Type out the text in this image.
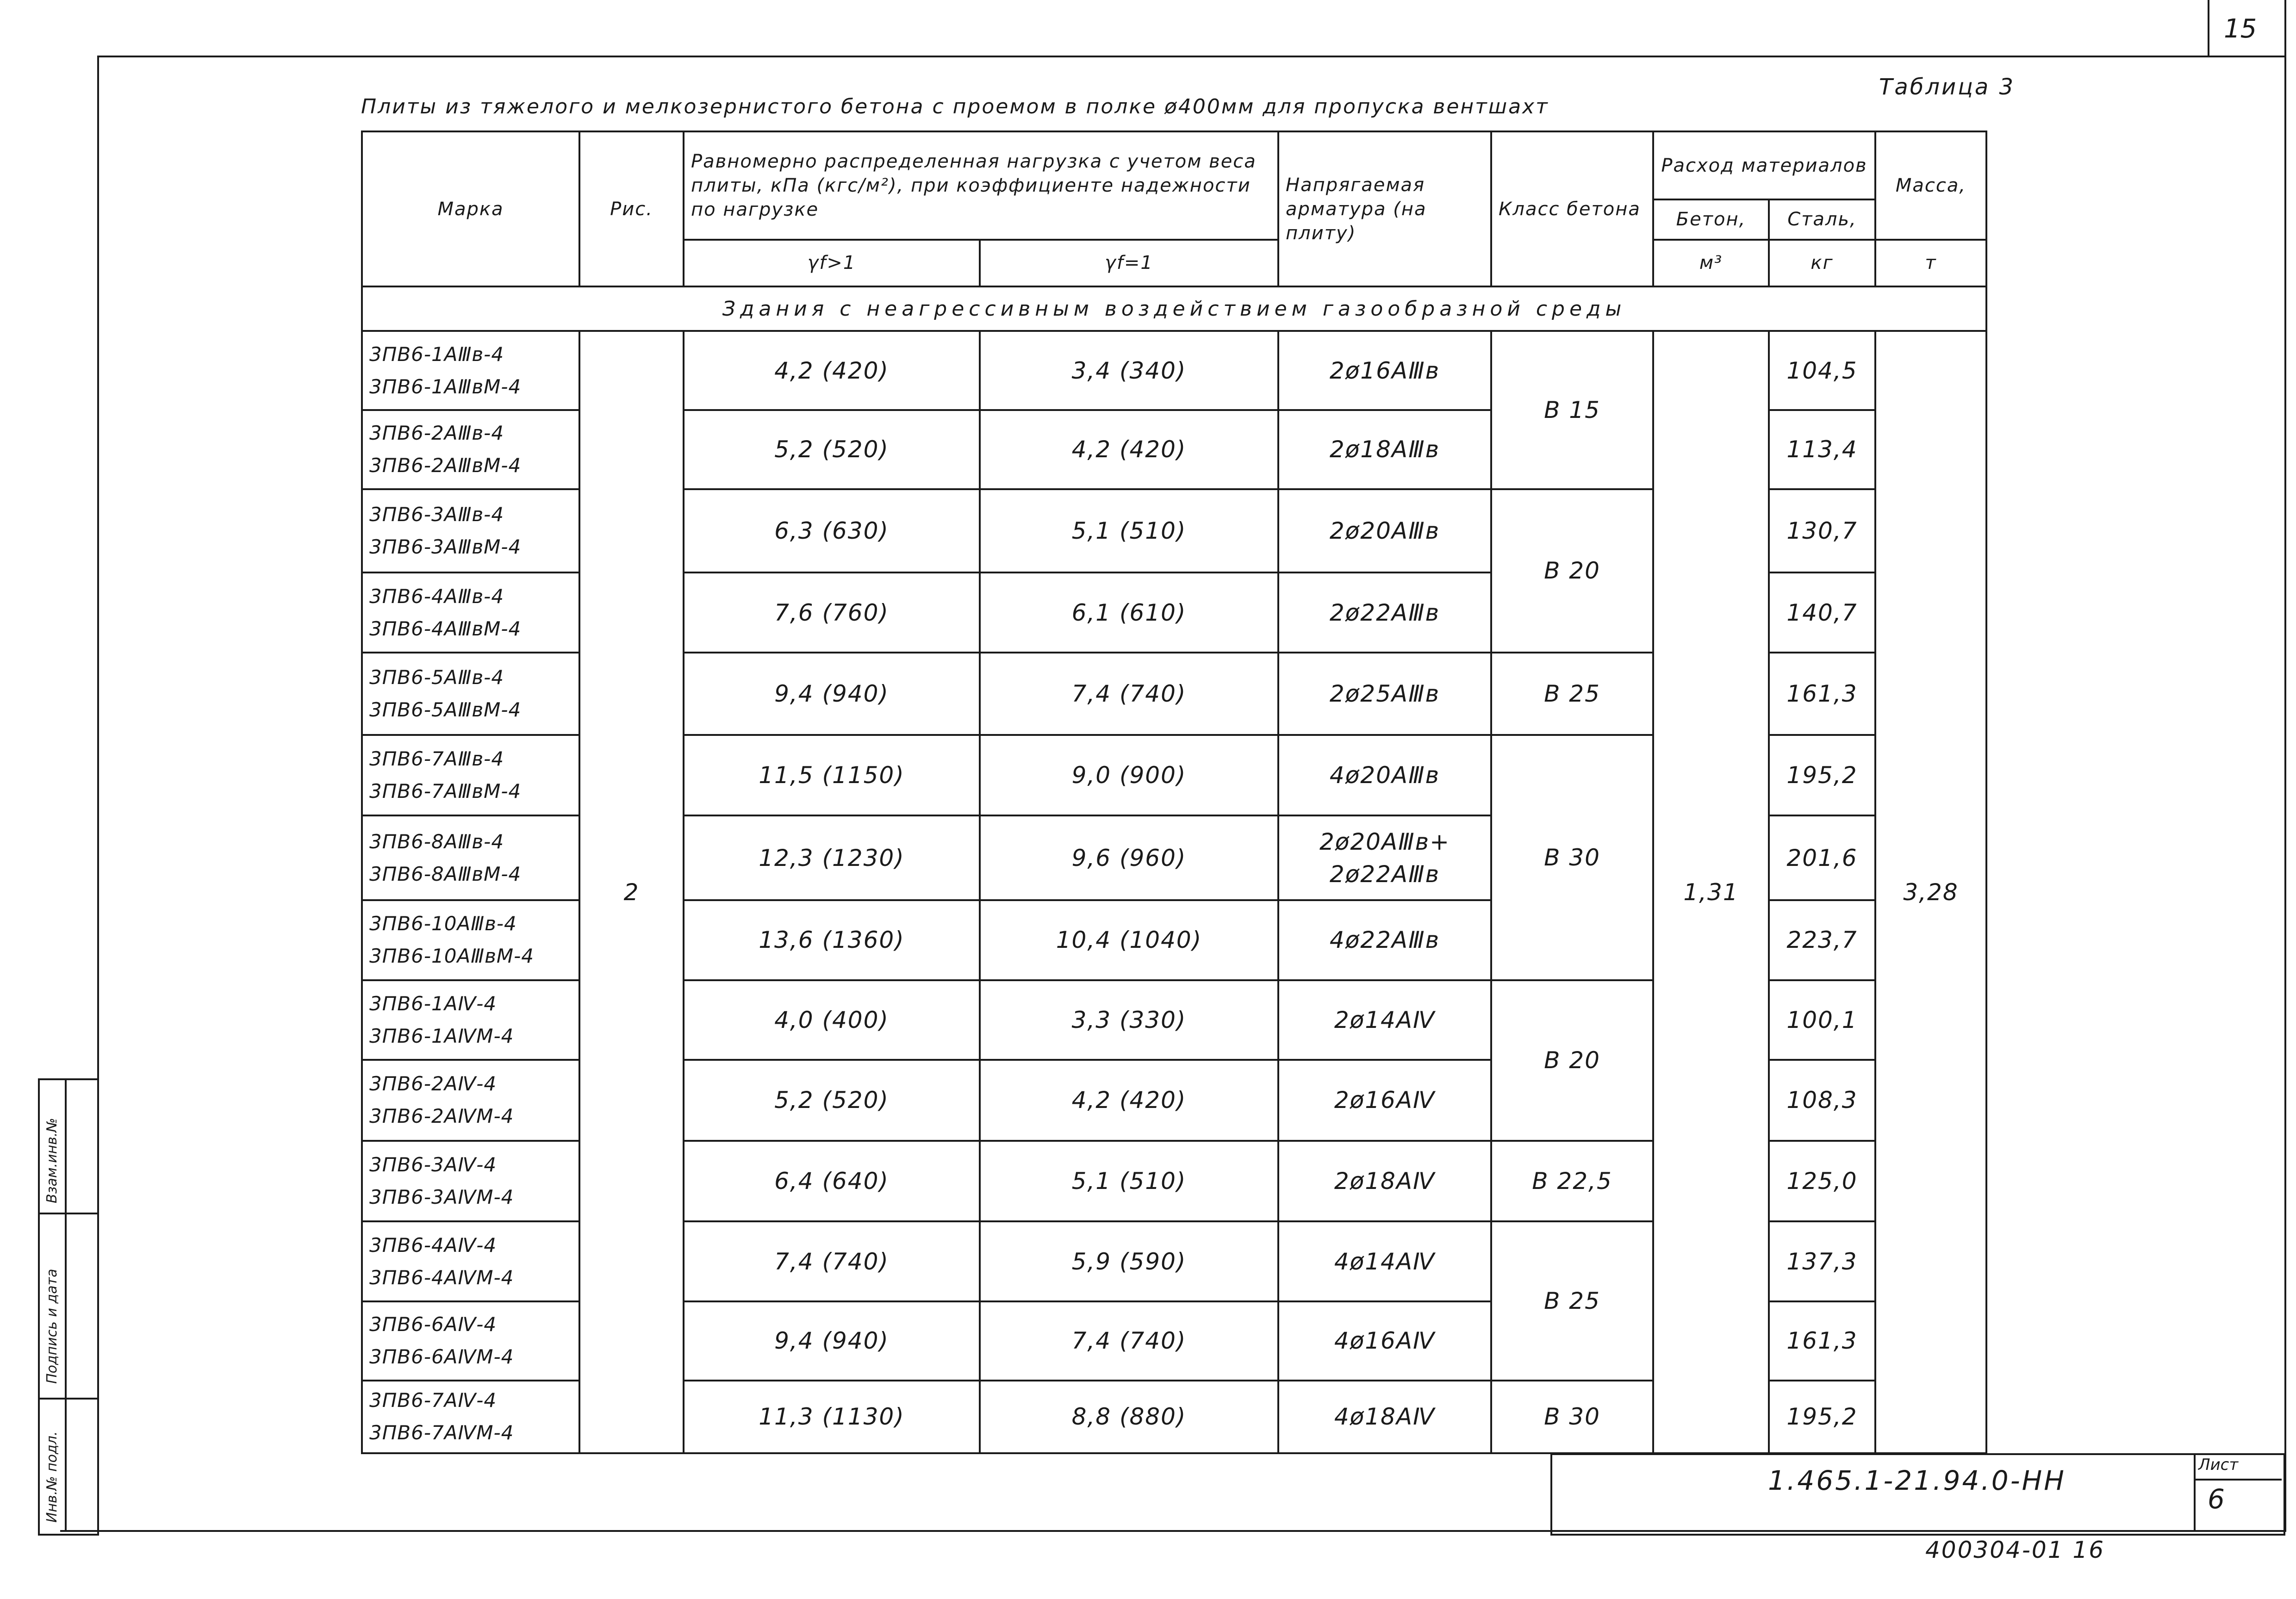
15
Таблица 3
Плиты из тяжелого и мелкозернистого бетона с проемом в полке ø400мм для пропуска вентшахт
Марка	Рис.	Равномерно распределенная нагрузка с учетом веса плиты, кПа (кгс/м²), при коэффициенте надежности по нагрузке		Напрягаемая арматура (на плиту)	Класс бетона	Расход материалов		Масса,
						Бетон,	Сталь,	
		γf>1	γf=1			м³	кг	т
Здания с неагрессивным воздействием газообразной среды								

3ПВ6-1АⅢв-4
3ПВ6-1АⅢвМ-4	2	4,2 (420)	3,4 (340)	2ø16АⅢв	В 15	1,31	104,5	3,28

3ПВ6-2АⅢв-4
3ПВ6-2АⅢвМ-4		5,2 (520)	4,2 (420)	2ø18АⅢв			113,4	

3ПВ6-3АⅢв-4
3ПВ6-3АⅢвМ-4		6,3 (630)	5,1 (510)	2ø20АⅢв	В 20		130,7	

3ПВ6-4АⅢв-4
3ПВ6-4АⅢвМ-4		7,6 (760)	6,1 (610)	2ø22АⅢв			140,7	

3ПВ6-5АⅢв-4
3ПВ6-5АⅢвМ-4		9,4 (940)	7,4 (740)	2ø25АⅢв	В 25		161,3	

3ПВ6-7АⅢв-4
3ПВ6-7АⅢвМ-4		11,5 (1150)	9,0 (900)	4ø20АⅢв	В 30		195,2	

3ПВ6-8АⅢв-4
3ПВ6-8АⅢвМ-4		12,3 (1230)	9,6 (960)	2ø20АⅢв+ 2ø22АⅢв			201,6	

3ПВ6-10АⅢв-4
3ПВ6-10АⅢвМ-4		13,6 (1360)	10,4 (1040)	4ø22АⅢв			223,7	

3ПВ6-1АⅣ-4
3ПВ6-1АⅣМ-4		4,0 (400)	3,3 (330)	2ø14АⅣ	В 20		100,1	

3ПВ6-2АⅣ-4
3ПВ6-2АⅣМ-4		5,2 (520)	4,2 (420)	2ø16АⅣ			108,3	

3ПВ6-3АⅣ-4
3ПВ6-3АⅣМ-4		6,4 (640)	5,1 (510)	2ø18АⅣ	В 22,5		125,0	

3ПВ6-4АⅣ-4
3ПВ6-4АⅣМ-4		7,4 (740)	5,9 (590)	4ø14АⅣ	В 25		137,3	

3ПВ6-6АⅣ-4
3ПВ6-6АⅣМ-4		9,4 (940)	7,4 (740)	4ø16АⅣ			161,3	

3ПВ6-7АⅣ-4
3ПВ6-7АⅣМ-4		11,3 (1130)	8,8 (880)	4ø18АⅣ	В 30		195,2	
1.465.1-21.94.0-НН	Лист
6
400304-01 16
Взам.инв.№
Подпись и дата
Инв.№ подл.
